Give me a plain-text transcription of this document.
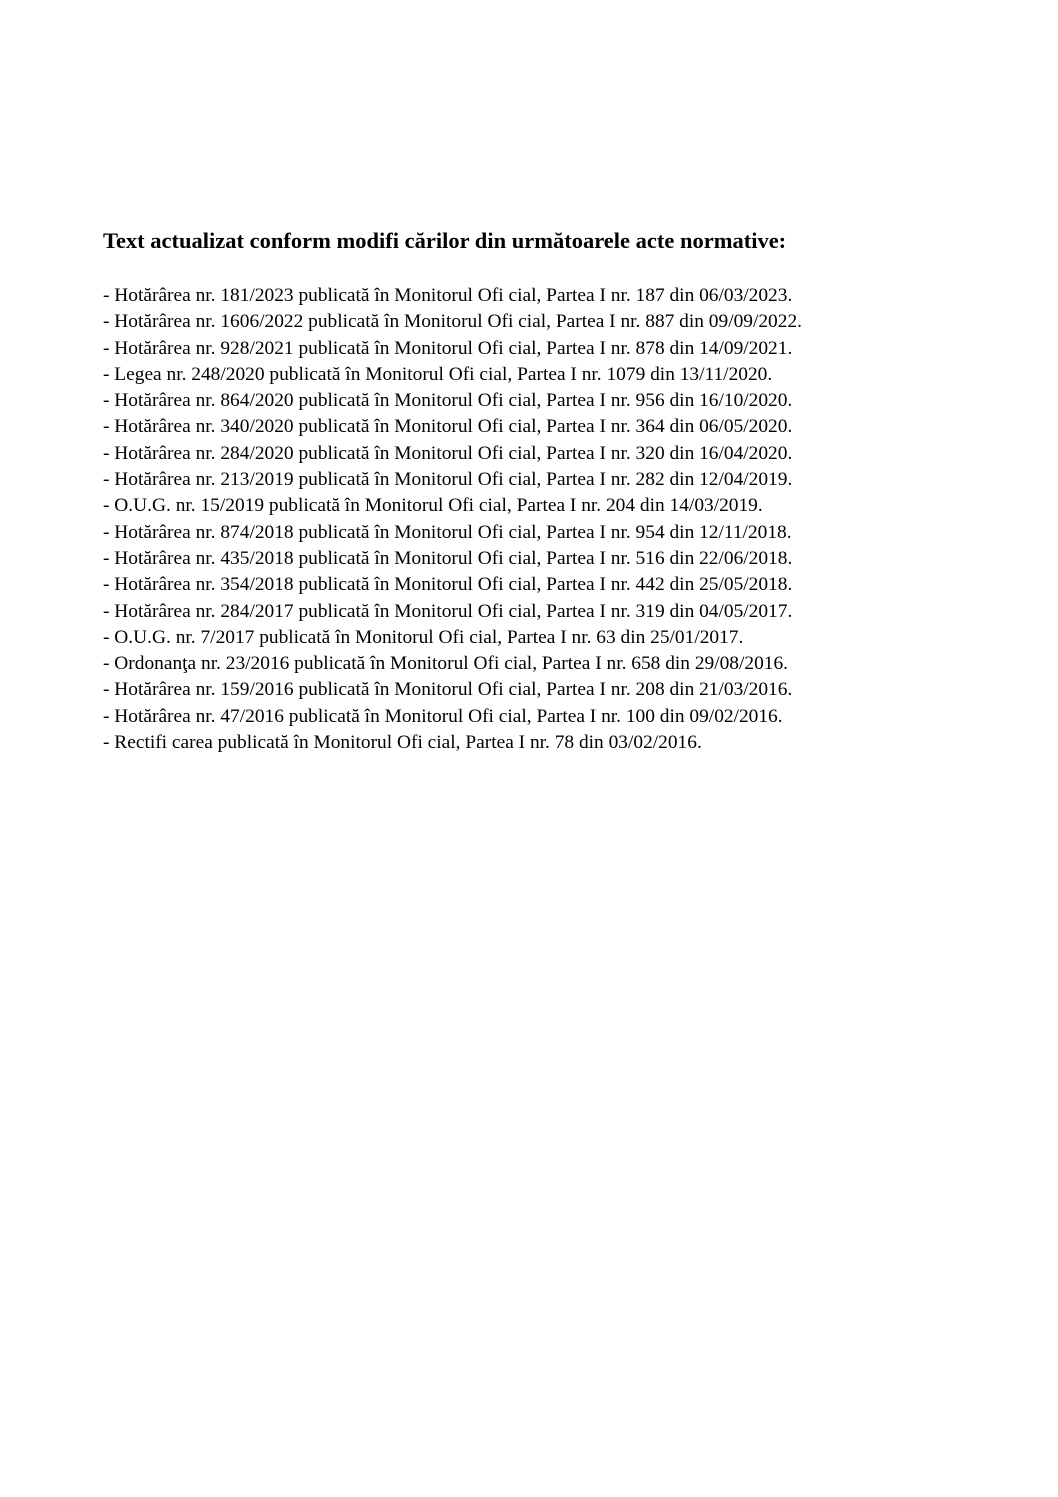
Text actualizat conform modifi cărilor din următoarele acte normative:
- Hotărârea nr. 181/2023 publicată în Monitorul Ofi cial, Partea I nr. 187 din 06/03/2023.
- Hotărârea nr. 1606/2022 publicată în Monitorul Ofi cial, Partea I nr. 887 din 09/09/2022.
- Hotărârea nr. 928/2021 publicată în Monitorul Ofi cial, Partea I nr. 878 din 14/09/2021.
- Legea nr. 248/2020 publicată în Monitorul Ofi cial, Partea I nr. 1079 din 13/11/2020.
- Hotărârea nr. 864/2020 publicată în Monitorul Ofi cial, Partea I nr. 956 din 16/10/2020.
- Hotărârea nr. 340/2020 publicată în Monitorul Ofi cial, Partea I nr. 364 din 06/05/2020.
- Hotărârea nr. 284/2020 publicată în Monitorul Ofi cial, Partea I nr. 320 din 16/04/2020.
- Hotărârea nr. 213/2019 publicată în Monitorul Ofi cial, Partea I nr. 282 din 12/04/2019.
- O.U.G. nr. 15/2019 publicată în Monitorul Ofi cial, Partea I nr. 204 din 14/03/2019.
- Hotărârea nr. 874/2018 publicată în Monitorul Ofi cial, Partea I nr. 954 din 12/11/2018.
- Hotărârea nr. 435/2018 publicată în Monitorul Ofi cial, Partea I nr. 516 din 22/06/2018.
- Hotărârea nr. 354/2018 publicată în Monitorul Ofi cial, Partea I nr. 442 din 25/05/2018.
- Hotărârea nr. 284/2017 publicată în Monitorul Ofi cial, Partea I nr. 319 din 04/05/2017.
- O.U.G. nr. 7/2017 publicată în Monitorul Ofi cial, Partea I nr. 63 din 25/01/2017.
- Ordonanţa nr. 23/2016 publicată în Monitorul Ofi cial, Partea I nr. 658 din 29/08/2016.
- Hotărârea nr. 159/2016 publicată în Monitorul Ofi cial, Partea I nr. 208 din 21/03/2016.
- Hotărârea nr. 47/2016 publicată în Monitorul Ofi cial, Partea I nr. 100 din 09/02/2016.
- Rectifi carea publicată în Monitorul Ofi cial, Partea I nr. 78 din 03/02/2016.
